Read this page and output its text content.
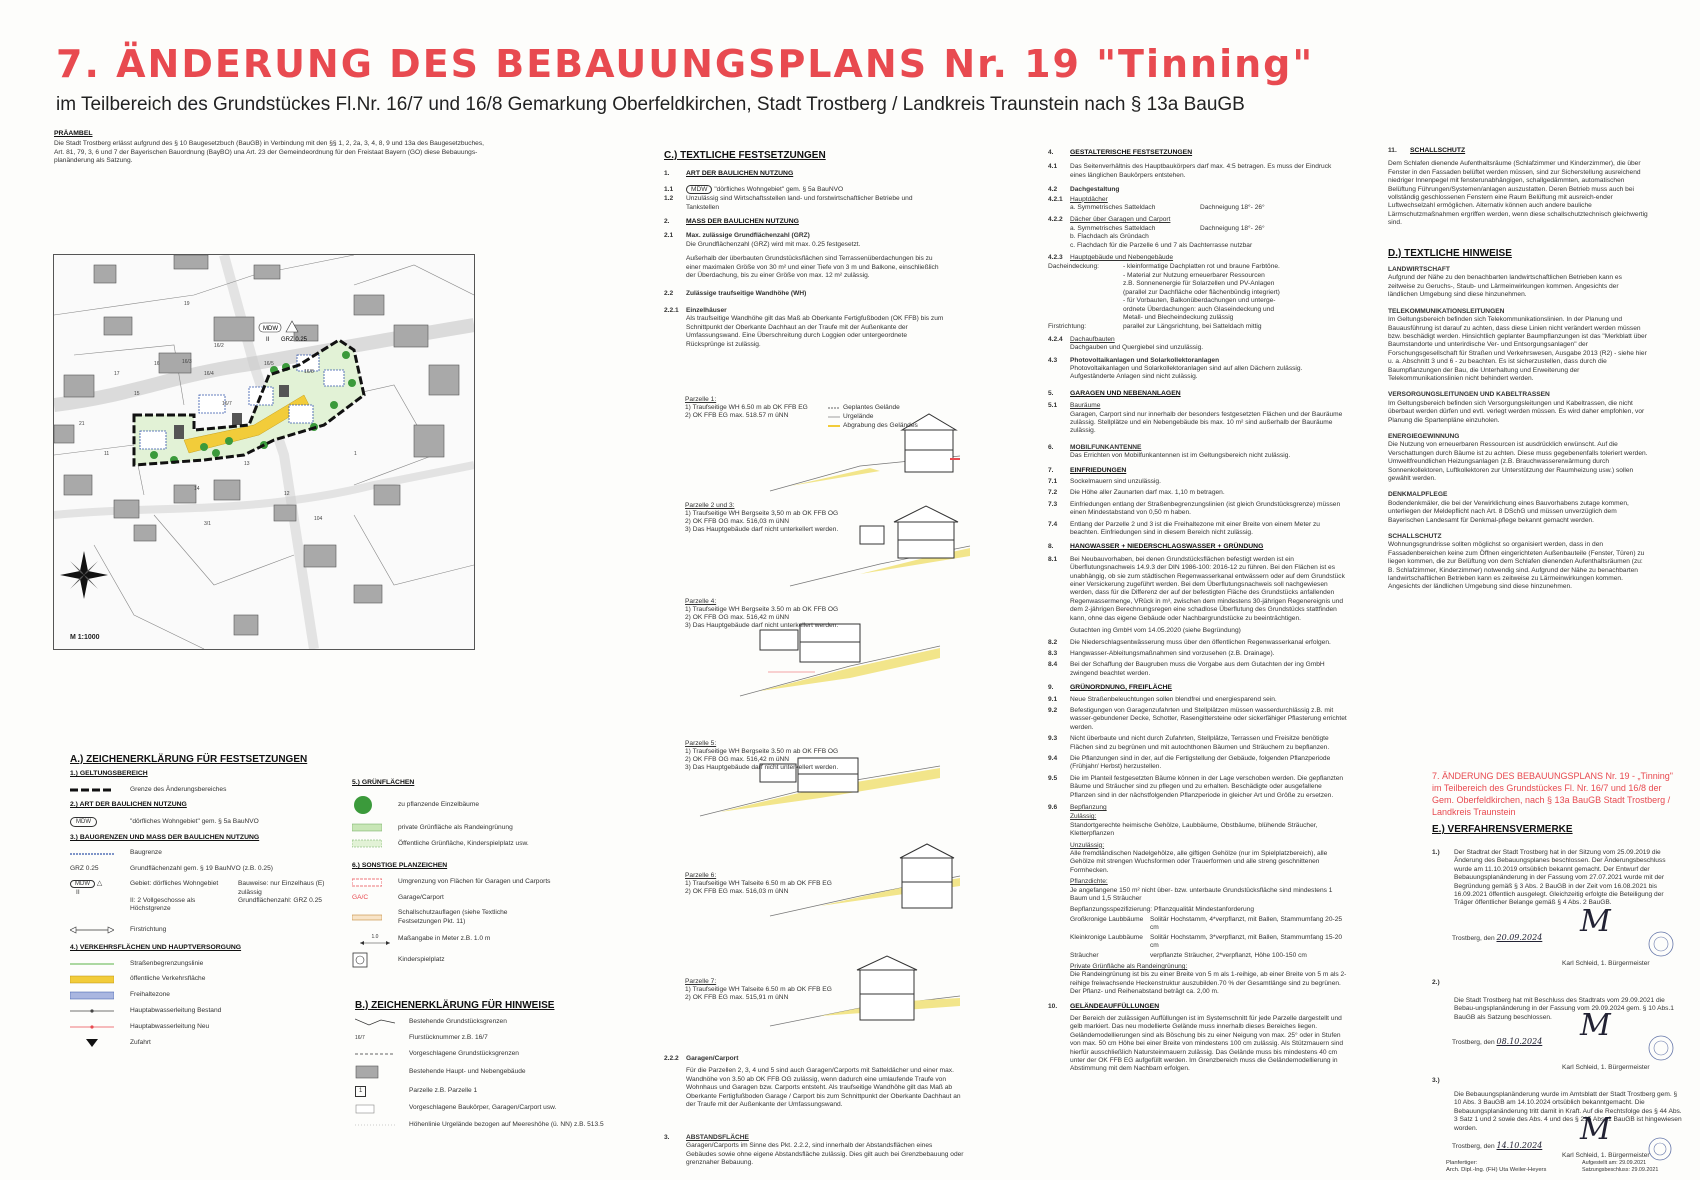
7. ÄNDERUNG DES BEBAUUNGSPLANS Nr. 19 "Tinning"
im Teilbereich des Grundstückes Fl.Nr. 16/7 und 16/8 Gemarkung Oberfeldkirchen, Stadt Trostberg / Landkreis Traunstein nach § 13a BauGB
PRÄAMBEL
Die Stadt Trostberg erlässt aufgrund des § 10 Baugesetzbuch (BauGB) in Verbindung mit den §§ 1, 2, 2a, 3, 4, 8, 9 und 13a des Baugesetzbuches, Art. 81, 79, 3, 6 und 7 der Bayerischen Bauordnung (BayBO) una Art. 23 der Gemeindeordnung für den Freistaat Bayern (GO) diese Bebauungs-planänderung als Satzung.
MDW
II GRZ 0.25
16/7
16/8
16/4
16/3
16/2
16
17
15
14
13
12
11
19
21
1
3/1
16/5
104
M 1:1000
A.) ZEICHENERKLÄRUNG FÜR FESTSETZUNGEN
1.) GELTUNGSBEREICH
Grenze des Änderungsbereiches
2.) ART DER BAULICHEN NUTZUNG
MDW	"dörfliches Wohngebiet" gem. § 5a BauNVO
3.) BAUGRENZEN UND MASS DER BAULICHEN NUTZUNG
Baugrenze
GRZ 0.25	Grundflächenzahl gem. § 19 BauNVO (z.B. 0.25)
MDW △
II
Gebiet: dörfliches Wohngebiet	Bauweise: nur Einzelhaus (E) zulässig
II: 2 Vollgeschosse als Höchstgrenze
Grundflächenzahl: GRZ 0.25
Firstrichtung
4.) VERKEHRSFLÄCHEN UND HAUPTVERSORGUNG
Straßenbegrenzungslinie
öffentliche Verkehrsfläche
Freihaltezone
Hauptabwasserleitung Bestand
Hauptabwasserleitung Neu
Zufahrt
5.) GRÜNFLÄCHEN
zu pflanzende Einzelbäume
private Grünfläche als Randeingrünung
Öffentliche Grünfläche, Kinderspielplatz usw.
6.) SONSTIGE PLANZEICHEN
Umgrenzung von Flächen für Garagen und Carports
GA/C	Garage/Carport
Schallschutzauflagen (siehe Textliche Festsetzungen Pkt. 11)
1.0	Maßangabe in Meter z.B. 1.0 m
Kinderspielplatz
B.) ZEICHENERKLÄRUNG FÜR HINWEISE
Bestehende Grundstücksgrenzen
16/7	Flurstücknummer z.B. 16/7
Vorgeschlagene Grundstücksgrenzen
Bestehende Haupt- und Nebengebäude
1	Parzelle z.B. Parzelle 1
Vorgeschlagene Baukörper, Garagen/Carport usw.
Höhenlinie Urgelände bezogen auf Meereshöhe (ü. NN) z.B. 513.5
C.) TEXTLICHE FESTSETZUNGEN
1.	ART DER BAULICHEN NUTZUNG
1.1	MDW "dörfliches Wohngebiet" gem. § 5a BauNVO
1.2	Unzulässig sind Wirtschaftsstellen land- und forstwirtschaftlicher Betriebe und Tankstellen
2.	MASS DER BAULICHEN NUTZUNG
2.1	Max. zulässige Grundflächenzahl (GRZ)
Die Grundflächenzahl (GRZ) wird mit max. 0.25 festgesetzt.
Außerhalb der überbauten Grundstücksflächen sind Terrassenüberdachungen bis zu einer maximalen Größe von 30 m² und einer Tiefe von 3 m und Balkone, einschließlich der Überdachung, bis zu einer Größe von max. 12 m² zulässig.
2.2	Zulässige traufseitige Wandhöhe (WH)
2.2.1	Einzelhäuser
Als traufseitige Wandhöhe gilt das Maß ab Oberkante Fertigfußboden (OK FFB) bis zum Schnittpunkt der Oberkante Dachhaut an der Traufe mit der Außenkante der Umfassungswand. Eine Überschreitung durch Loggien oder untergeordnete Rücksprünge ist zulässig.
Geplantes Gelände
Urgelände
Abgrabung des Geländes
Parzelle 1:
1) Traufseitige WH 6.50 m ab OK FFB EG
2) OK FFB EG max. 518.57 m üNN
Parzelle 2 und 3:
1) Traufseitige WH Bergseite 3,50 m ab OK FFB OG
2) OK FFB OG max. 516,03 m üNN
3) Das Hauptgebäude darf nicht unterkellert werden.
Parzelle 4:
1) Traufseitige WH Bergseite 3.50 m ab OK FFB OG
2) OK FFB OG max. 516,42 m üNN
3) Das Hauptgebäude darf nicht unterkellert werden.
Parzelle 5:
1) Traufseitige WH Bergseite 3.50 m ab OK FFB OG
2) OK FFB OG max. 516,42 m üNN
3) Das Hauptgebäude darf nicht unterkellert werden.
Parzelle 6:
1) Traufseitige WH Talseite 6.50 m ab OK FFB EG
2) OK FFB EG max. 516,03 m üNN
Parzelle 7:
1) Traufseitige WH Talseite 6.50 m ab OK FFB EG
2) OK FFB EG max. 515,91 m üNN
2.2.2	Garagen/Carport
Für die Parzellen 2, 3, 4 und 5 sind auch Garagen/Carports mit Satteldächer und einer max. Wandhöhe von 3.50 ab OK FFB OG zulässig, wenn dadurch eine umlaufende Traufe von Wohnhaus und Garagen bzw. Carports entsteht. Als traufseitige Wandhöhe gilt das Maß ab Oberkante Fertigfußboden Garage / Carport bis zum Schnittpunkt der Oberkante Dachhaut an der Traufe mit der Außenkante der Umfassungswand.
3.	ABSTANDSFLÄCHE
Garagen/Carports im Sinne des Pkt. 2.2.2, sind innerhalb der Abstandsflächen eines Gebäudes sowie ohne eigene Abstandsfläche zulässig. Dies gilt auch bei Grenzbebauung oder grenznaher Bebauung.
4.	GESTALTERISCHE FESTSETZUNGEN
4.1	Das Seitenverhältnis des Hauptbaukörpers darf max. 4:5 betragen. Es muss der Eindruck eines länglichen Baukörpers entstehen.
4.2	Dachgestaltung
4.2.1	Hauptdächer
a. Symmetrisches Satteldach	Dachneigung 18°- 26°
4.2.2	Dächer über Garagen und Carport
a. Symmetrisches Satteldach	Dachneigung 18°- 26°
b. Flachdach als Gründach
c. Flachdach für die Parzelle 6 und 7 als Dachterrasse nutzbar
4.2.3	Hauptgebäude und Nebengebäude
Dacheindeckung:	- kleinformatige Dachplatten rot und braune Farbtöne.
- Material zur Nutzung erneuerbarer Ressourcen
z.B. Sonnenenergie für Solarzellen und PV-Anlagen
(parallel zur Dachfläche oder flächenbündig integriert)
- für Vorbauten, Balkonüberdachungen und unterge-
ordnete Überdachungen: auch Glaseindeckung und
Metall- und Blecheindeckung zulässig
Firstrichtung:	parallel zur Längsrichtung, bei Satteldach mittig
4.2.4	Dachaufbauten
Dachgauben und Quergiebel sind unzulässig.
4.3	Photovoltaikanlagen und Solarkollektoranlagen
Photovoltaikanlagen und Solarkollektoranlagen sind auf allen Dächern zulässig. Aufgeständerte Anlagen sind nicht zulässig.
5.	GARAGEN UND NEBENANLAGEN
5.1	Bauräume
Garagen, Carport sind nur innerhalb der besonders festgesetzten Flächen und der Bauräume zulässig. Stellplätze und ein Nebengebäude bis max. 10 m² sind außerhalb der Bauräume zulässig.
6.	MOBILFUNKANTENNE
Das Errichten von Mobilfunkantennen ist im Geltungsbereich nicht zulässig.
7.	EINFRIEDUNGEN
7.1	Sockelmauern sind unzulässig.
7.2	Die Höhe aller Zaunarten darf max. 1,10 m betragen.
7.3	Einfriedungen entlang der Straßenbegrenzungslinien (ist gleich Grundstücksgrenze) müssen einen Mindestabstand von 0,50 m haben.
7.4	Entlang der Parzelle 2 und 3 ist die Freihaltezone mit einer Breite von einem Meter zu beachten. Einfriedungen sind in diesem Bereich nicht zulässig.
8.	HANGWASSER + NIEDERSCHLAGSWASSER + GRÜNDUNG
8.1	Bei Neubauvorhaben, bei denen Grundstücksflächen befestigt werden ist ein Überflutungsnachweis 14.9.3 der DIN 1986-100: 2016-12 zu führen. Bei den Flächen ist es unabhängig, ob sie zum städtischen Regenwasserkanal entwässern oder auf dem Grundstück einer Versickerung zugeführt werden. Bei dem Überflutungsnachweis soll nachgewiesen werden, dass für die Differenz der auf der befestigten Fläche des Grundstücks anfallenden Regenwassermenge, VRück in m³, zwischen dem mindestens 30-jährigen Regenereignis und dem 2-jährigen Berechnungsregen eine schadlose Überflutung des Grundstücks stattfinden kann, ohne das eigene Gebäude oder Nachbargrundstücke zu beeinträchtigen.
Gutachten ing GmbH vom 14.05.2020 (siehe Begründung)
8.2	Die Niederschlagsentwässerung muss über den öffentlichen Regenwasserkanal erfolgen.
8.3	Hangwasser-Ableitungsmaßnahmen sind vorzusehen (z.B. Drainage).
8.4	Bei der Schaffung der Baugruben muss die Vorgabe aus dem Gutachten der ing GmbH zwingend beachtet werden.
9.	GRÜNORDNUNG, FREIFLÄCHE
9.1	Neue Straßenbeleuchtungen sollen blendfrei und energiesparend sein.
9.2	Befestigungen von Garagenzufahrten und Stellplätzen müssen wasserdurchlässig z.B. mit wasser-gebundener Decke, Schotter, Rasengittersteine oder sickerfähiger Pflasterung errichtet werden.
9.3	Nicht überbaute und nicht durch Zufahrten, Stellplätze, Terrassen und Freisitze benötigte Flächen sind zu begrünen und mit autochthonen Bäumen und Sträuchern zu bepflanzen.
9.4	Die Pflanzungen sind in der, auf die Fertigstellung der Gebäude, folgenden Pflanzperiode (Frühjahr/ Herbst) herzustellen.
9.5	Die im Planteil festgesetzten Bäume können in der Lage verschoben werden. Die gepflanzten Bäume und Sträucher sind zu pflegen und zu erhalten. Beschädigte oder ausgefallene Pflanzen sind in der nächstfolgenden Pflanzperiode in gleicher Art und Größe zu ersetzen.
9.6	Bepflanzung
Zulässig:
Standortgerechte heimische Gehölze, Laubbäume, Obstbäume, blühende Sträucher, Kletterpflanzen
Unzulässig:
Alle fremdländischen Nadelgehölze, alle giftigen Gehölze (nur im Spielplatzbereich), alle Gehölze mit strengen Wuchsformen oder Trauerformen und alle streng geschnittenen Formhecken.
Pflanzdichte:
Je angefangene 150 m² nicht über- bzw. unterbaute Grundstücksfläche sind mindestens 1 Baum und 1,5 Sträucher
Bepflanzungsspezifizierung: Pflanzqualität Mindestanforderung
Großkronige Laubbäume	Solitär Hochstamm, 4*verpflanzt, mit Ballen, Stammumfang 20-25 cm
Kleinkronige Laubbäume	Solitär Hochstamm, 3*verpflanzt, mit Ballen, Stammumfang 15-20 cm
Sträucher	verpflanzte Sträucher, 2*verpflanzt, Höhe 100-150 cm
Private Grünfläche als Randeingrünung:
Die Randeingrünung ist bis zu einer Breite von 5 m als 1-reihige, ab einer Breite von 5 m als 2-reihige freiwachsende Heckenstruktur auszubilden.70 % der Gesamtlänge sind zu begrünen. Der Pflanz- und Reihenabstand beträgt ca. 2,00 m.
10.	GELÄNDEAUFFÜLLUNGEN
Der Bereich der zulässigen Auffüllungen ist im Systemschnitt für jede Parzelle dargestellt und gelb markiert. Das neu modellierte Gelände muss innerhalb dieses Bereiches liegen. Geländemodellierungen sind als Böschung bis zu einer Neigung von max. 25° oder in Stufen von max. 50 cm Höhe bei einer Breite von mindestens 100 cm zulässig. Als Stützmauern sind hierfür ausschließlich Natursteinmauern zulässig. Das Gelände muss bis mindestens 40 cm unter der OK FFB EG aufgefüllt werden. Im Grenzbereich muss die Geländemodellierung in Abstimmung mit dem Nachbarn erfolgen.
11.	SCHALLSCHUTZ
Dem Schlafen dienende Aufenthaltsräume (Schlafzimmer und Kinderzimmer), die über Fenster in den Fassaden belüftet werden müssen, sind zur Sicherstellung ausreichend niedriger Innenpegel mit fensterunabhängigen, schallgedämmten, automatischen Belüftung Führungen/Systemen/anlagen auszustatten. Deren Betrieb muss auch bei vollständig geschlossenen Fenstern eine Raum Belüftung mit ausreich-ender Luftwechselzahl ermöglichen. Alternativ können auch andere bauliche Lärmschutzmaßnahmen ergriffen werden, wenn diese schallschutztechnisch gleichwertig sind.
D.) TEXTLICHE HINWEISE
LANDWIRTSCHAFT
Aufgrund der Nähe zu den benachbarten landwirtschaftlichen Betrieben kann es zeitweise zu Geruchs-, Staub- und Lärmeinwirkungen kommen. Angesichts der ländlichen Umgebung sind diese hinzunehmen.
TELEKOMMUNIKATIONSLEITUNGEN
Im Geltungsbereich befinden sich Telekommunikationslinien. In der Planung und Bauausführung ist darauf zu achten, dass diese Linien nicht verändert werden müssen bzw. beschädigt werden. Hinsichtlich geplanter Baumpflanzungen ist das "Merkblatt über Baumstandorte und unterirdische Ver- und Entsorgungsanlagen" der Forschungsgesellschaft für Straßen und Verkehrswesen, Ausgabe 2013 (R2) - siehe hier u. a. Abschnitt 3 und 6 - zu beachten. Es ist sicherzustellen, dass durch die Baumpflanzungen der Bau, die Unterhaltung und Erweiterung der Telekommunikationslinien nicht behindert werden.
VERSORGUNGSLEITUNGEN UND KABELTRASSEN
Im Geltungsbereich befinden sich Versorgungsleitungen und Kabeltrassen, die nicht überbaut werden dürfen und evtl. verlegt werden müssen. Es wird daher empfohlen, vor Planung die Spartenpläne einzuholen.
ENERGIEGEWINNUNG
Die Nutzung von erneuerbaren Ressourcen ist ausdrücklich erwünscht. Auf die Verschattungen durch Bäume ist zu achten. Diese muss gegebenenfalls toleriert werden. Umweltfreundlichen Heizungsanlagen (z.B. Brauchwassererwärmung durch Sonnenkollektoren, Luftkollektoren zur Unterstützung der Raumheizung usw.) sollen gewählt werden.
DENKMALPFLEGE
Bodendenkmäler, die bei der Verwirklichung eines Bauvorhabens zutage kommen, unterliegen der Meldepflicht nach Art. 8 DSchG und müssen unverzüglich dem Bayerischen Landesamt für Denkmal-pflege bekannt gemacht werden.
SCHALLSCHUTZ
Wohnungsgrundrisse sollten möglichst so organisiert werden, dass in den Fassadenbereichen keine zum Öffnen eingerichteten Außenbauteile (Fenster, Türen) zu liegen kommen, die zur Belüftung von dem Schlafen dienenden Aufenthaltsräumen (zu: B. Schlafzimmer, Kinderzimmer) notwendig sind. Aufgrund der Nähe zu benachbarten landwirtschaftlichen Betrieben kann es zeitweise zu Lärmeinwirkungen kommen. Angesichts der ländlichen Umgebung sind diese hinzunehmen.
7. ÄNDERUNG DES BEBAUUNGSPLANS Nr. 19 - „Tinning" im Teilbereich des Grundstückes Fl. Nr. 16/7 und 16/8 der Gem. Oberfeldkirchen, nach § 13a BauGB Stadt Trostberg / Landkreis Traunstein
E.) VERFAHRENSVERMERKE
1.)	Der Stadtrat der Stadt Trostberg hat in der Sitzung vom 25.09.2019 die Änderung des Bebauungsplanes beschlossen. Der Änderungsbeschluss wurde am 11.10.2019 ortsüblich bekannt gemacht. Der Entwurf der Bebauungsplanänderung in der Fassung vom 27.07.2021 wurde mit der Begründung gemäß § 3 Abs. 2 BauGB in der Zeit vom 16.08.2021 bis 16.09.2021 öffentlich ausgelegt. Gleichzeitig erfolgte die Beteiligung der Träger öffentlicher Belange gemäß § 4 Abs. 2 BauGB.
Trostberg, den 20.09.2024 M
Karl Schleid, 1. Bürgermeister
2.)
Die Stadt Trostberg hat mit Beschluss des Stadtrats vom 29.09.2021 die Bebau-ungsplanänderung in der Fassung vom 29.09.2024 gem. § 10 Abs.1 BauGB als Satzung beschlossen.
Trostberg, den 08.10.2024 M
Karl Schleid, 1. Bürgermeister
3.)
Die Bebauungsplanänderung wurde im Amtsblatt der Stadt Trostberg gem. § 10 Abs. 3 BauGB am 14.10.2024 ortsüblich bekanntgemacht. Die Bebauungsplanänderung tritt damit in Kraft. Auf die Rechtsfolge des § 44 Abs. 3 Satz 1 und 2 sowie des Abs. 4 und des § 215 Abs. 1 BauGB ist hingewiesen worden.
Trostberg, den 14.10.2024 M
Karl Schleid, 1. Bürgermeister
Planfertiger:
Arch. Dipl.-Ing. (FH) Uta Weiler-Heyers
Aufgestellt am: 29.09.2021
Satzungsbeschluss: 29.09.2021
